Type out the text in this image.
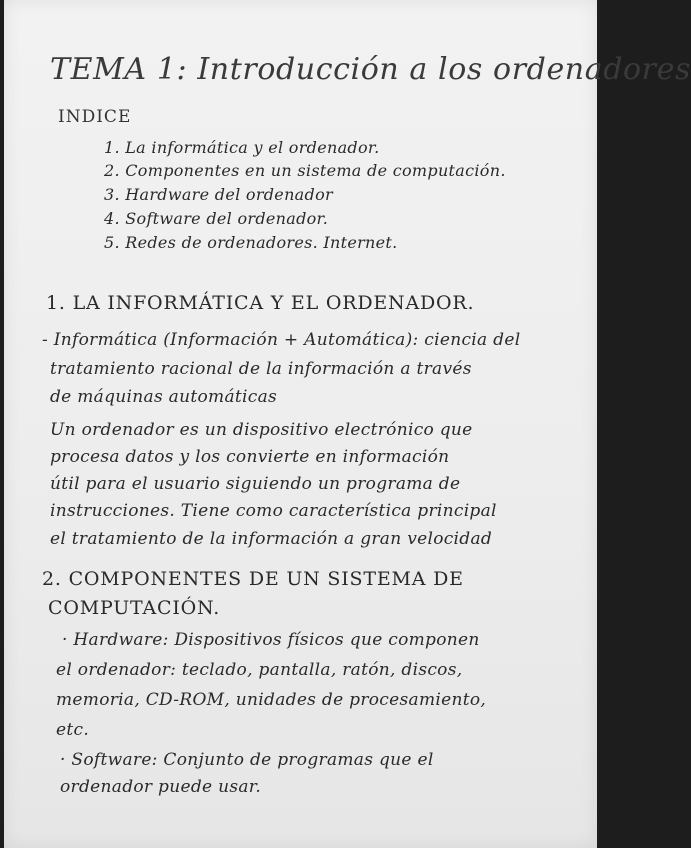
TEMA 1: Introducción a los ordenadores
INDICE
1. La informática y el ordenador.
2. Componentes en un sistema de computación.
3. Hardware del ordenador
4. Software del ordenador.
5. Redes de ordenadores. Internet.
1. LA INFORMÁTICA Y EL ORDENADOR.
- Informática (Información + Automática): ciencia del
tratamiento racional de la información a través
de máquinas automáticas
Un ordenador es un dispositivo electrónico que
procesa datos y los convierte en información
útil para el usuario siguiendo un programa de
instrucciones. Tiene como característica principal
el tratamiento de la información a gran velocidad
2. COMPONENTES DE UN SISTEMA DE
COMPUTACIÓN.
· Hardware: Dispositivos físicos que componen
el ordenador: teclado, pantalla, ratón, discos,
memoria, CD-ROM, unidades de procesamiento,
etc.
· Software: Conjunto de programas que el
ordenador puede usar.
